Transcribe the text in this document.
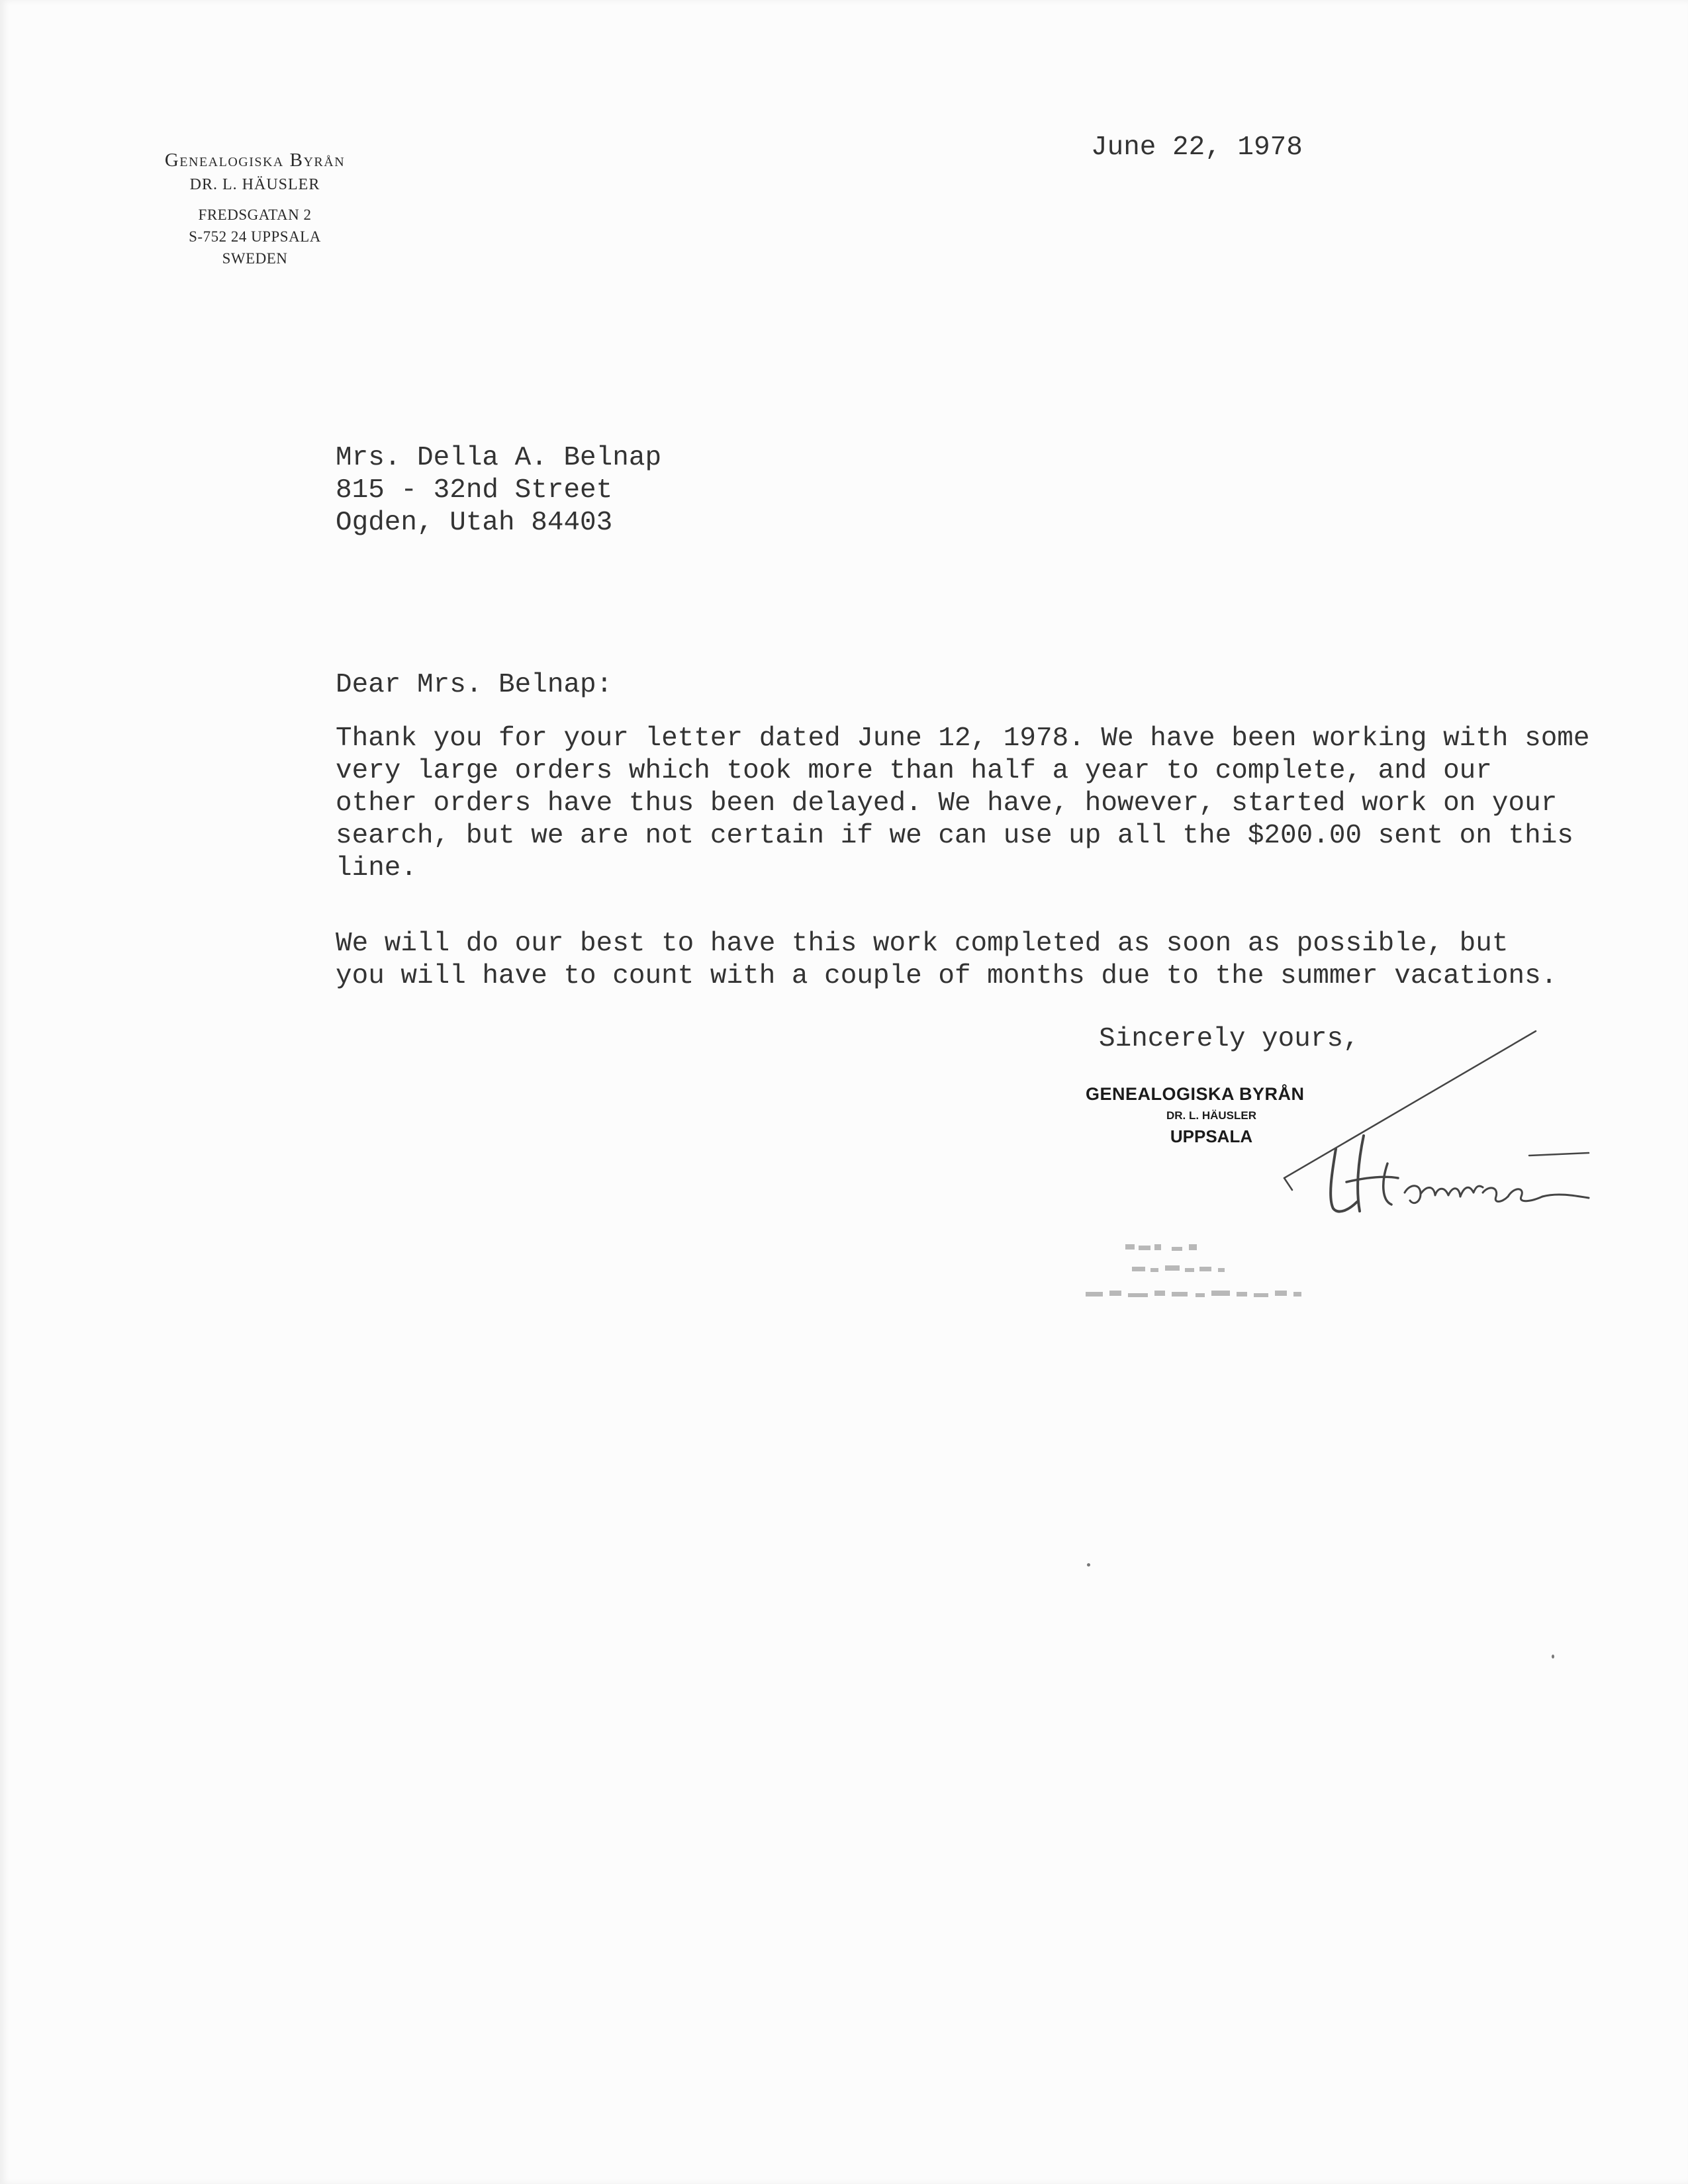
Genealogiska Byrån
DR. L. HÄUSLER
FREDSGATAN 2
S-752 24 UPPSALA
SWEDEN
June 22, 1978
Mrs. Della A. Belnap
815 - 32nd Street
Ogden, Utah 84403
Dear Mrs. Belnap:
Thank you for your letter dated June 12, 1978. We have been working with some
very large orders which took more than half a year to complete, and our
other orders have thus been delayed. We have, however, started work on your
search, but we are not certain if we can use up all the $200.00 sent on this
line.
We will do our best to have this work completed as soon as possible, but
you will have to count with a couple of months due to the summer vacations.
Sincerely yours,
GENEALOGISKA BYRÅN
DR. L. HÄUSLER
UPPSALA
